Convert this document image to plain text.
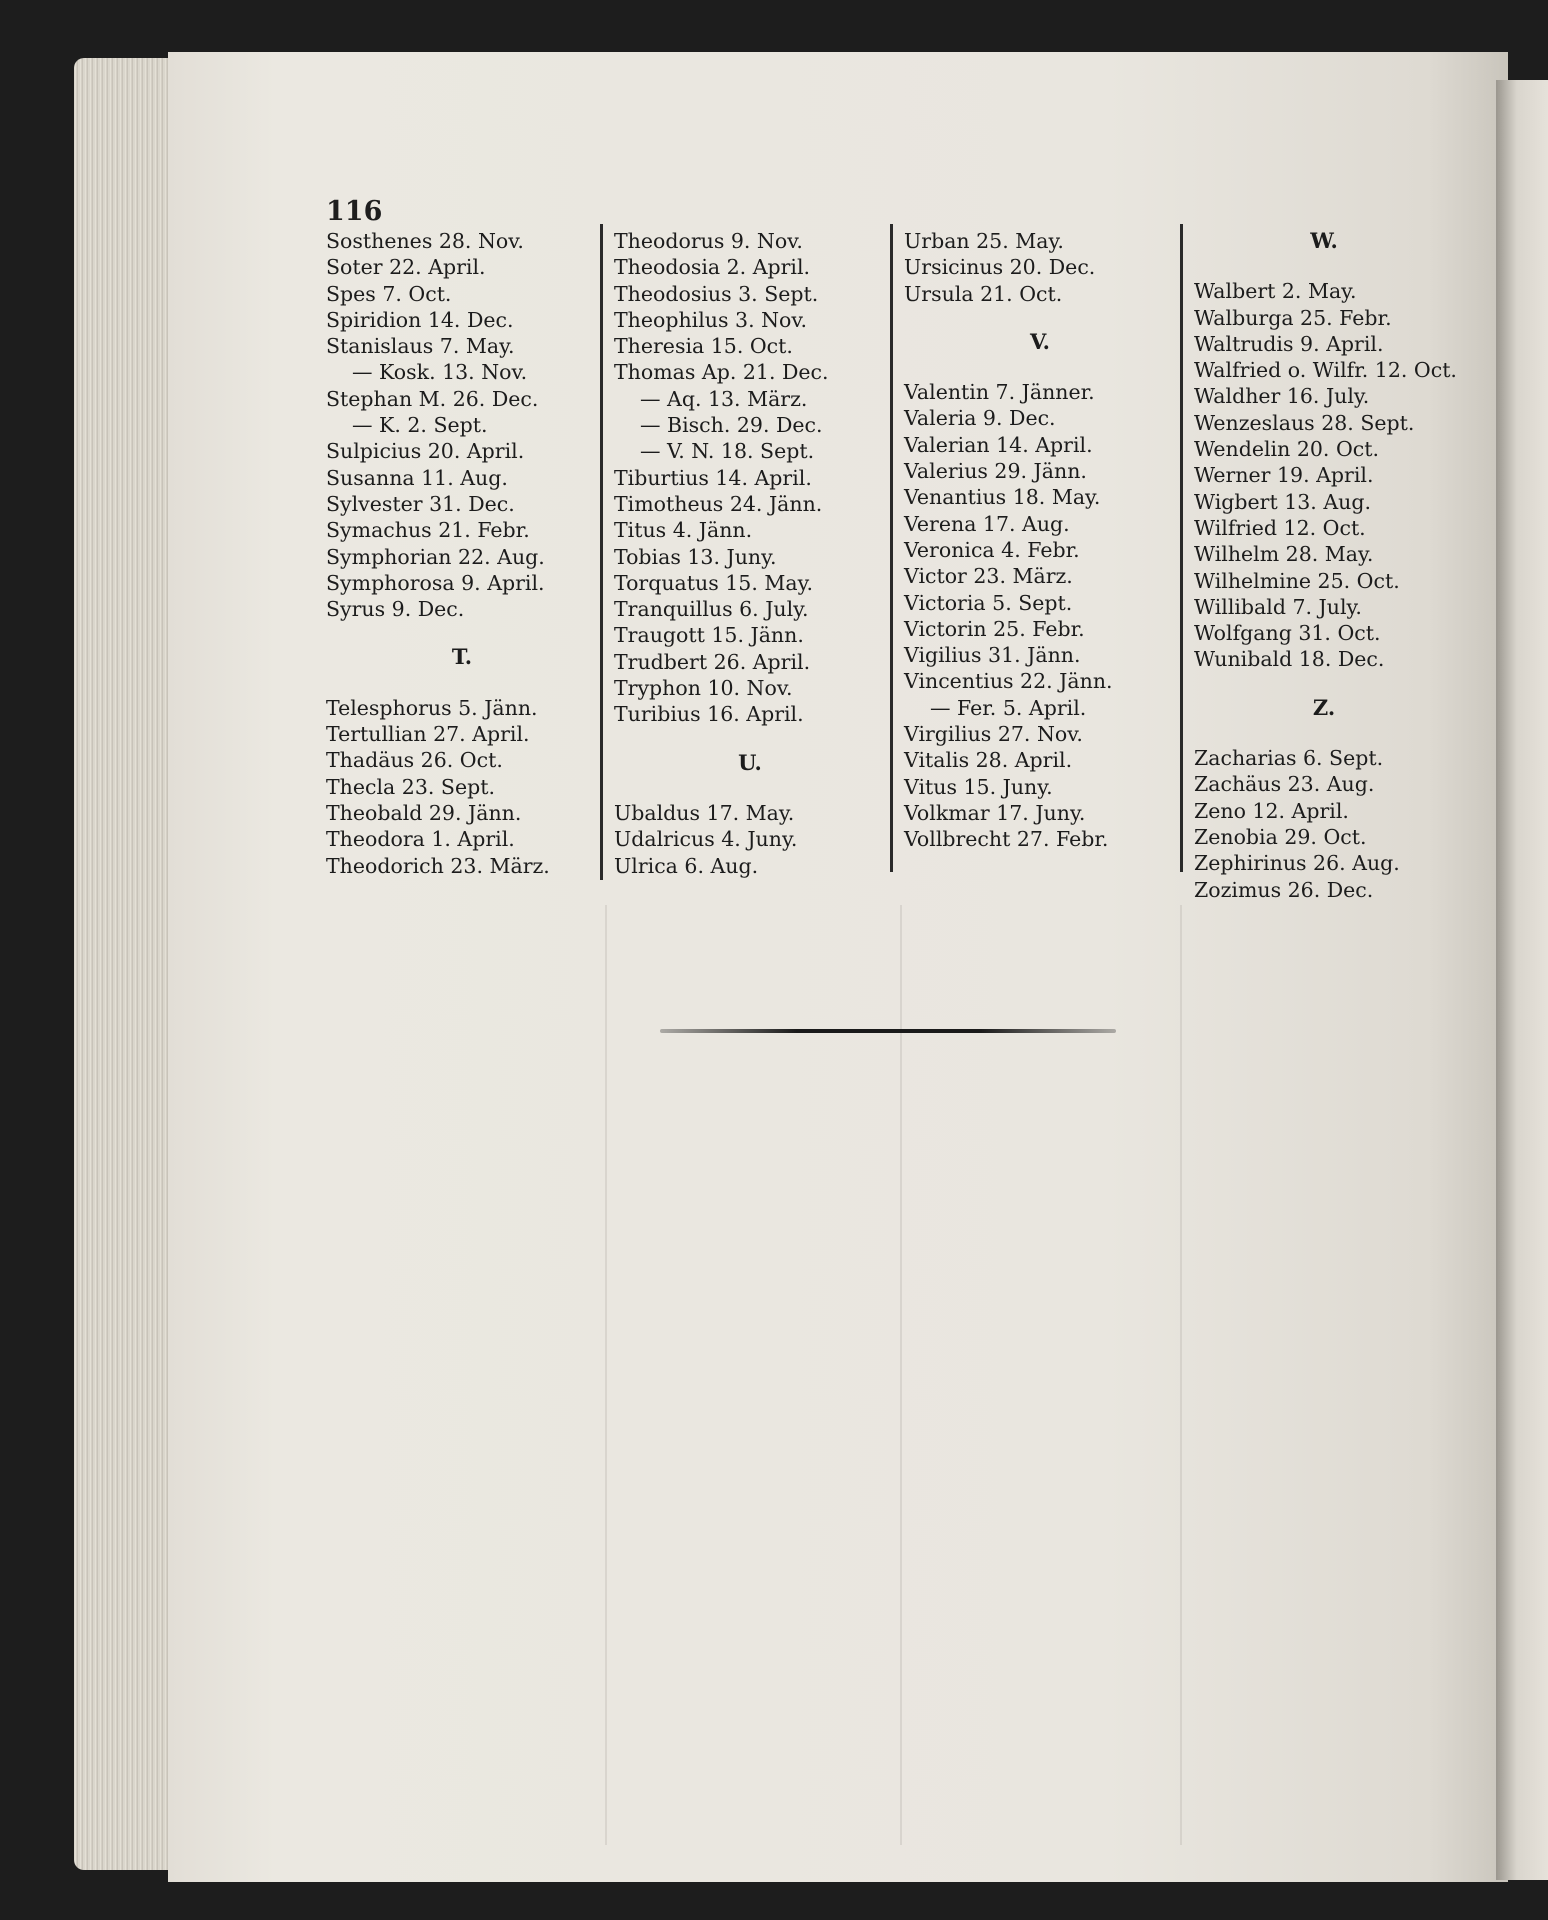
116
Sosthenes 28. Nov.
Soter 22. April.
Spes 7. Oct.
Spiridion 14. Dec.
Stanislaus 7. May.
— Kosk. 13. Nov.
Stephan M. 26. Dec.
— K. 2. Sept.
Sulpicius 20. April.
Susanna 11. Aug.
Sylvester 31. Dec.
Symachus 21. Febr.
Symphorian 22. Aug.
Symphorosa 9. April.
Syrus 9. Dec.
T.
Telesphorus 5. Jänn.
Tertullian 27. April.
Thadäus 26. Oct.
Thecla 23. Sept.
Theobald 29. Jänn.
Theodora 1. April.
Theodorich 23. März.
Theodorus 9. Nov.
Theodosia 2. April.
Theodosius 3. Sept.
Theophilus 3. Nov.
Theresia 15. Oct.
Thomas Ap. 21. Dec.
— Aq. 13. März.
— Bisch. 29. Dec.
— V. N. 18. Sept.
Tiburtius 14. April.
Timotheus 24. Jänn.
Titus 4. Jänn.
Tobias 13. Juny.
Torquatus 15. May.
Tranquillus 6. July.
Traugott 15. Jänn.
Trudbert 26. April.
Tryphon 10. Nov.
Turibius 16. April.
U.
Ubaldus 17. May.
Udalricus 4. Juny.
Ulrica 6. Aug.
Urban 25. May.
Ursicinus 20. Dec.
Ursula 21. Oct.
V.
Valentin 7. Jänner.
Valeria 9. Dec.
Valerian 14. April.
Valerius 29. Jänn.
Venantius 18. May.
Verena 17. Aug.
Veronica 4. Febr.
Victor 23. März.
Victoria 5. Sept.
Victorin 25. Febr.
Vigilius 31. Jänn.
Vincentius 22. Jänn.
— Fer. 5. April.
Virgilius 27. Nov.
Vitalis 28. April.
Vitus 15. Juny.
Volkmar 17. Juny.
Vollbrecht 27. Febr.
W.
Walbert 2. May.
Walburga 25. Febr.
Waltrudis 9. April.
Walfried o. Wilfr. 12. Oct.
Waldher 16. July.
Wenzeslaus 28. Sept.
Wendelin 20. Oct.
Werner 19. April.
Wigbert 13. Aug.
Wilfried 12. Oct.
Wilhelm 28. May.
Wilhelmine 25. Oct.
Willibald 7. July.
Wolfgang 31. Oct.
Wunibald 18. Dec.
Z.
Zacharias 6. Sept.
Zachäus 23. Aug.
Zeno 12. April.
Zenobia 29. Oct.
Zephirinus 26. Aug.
Zozimus 26. Dec.
